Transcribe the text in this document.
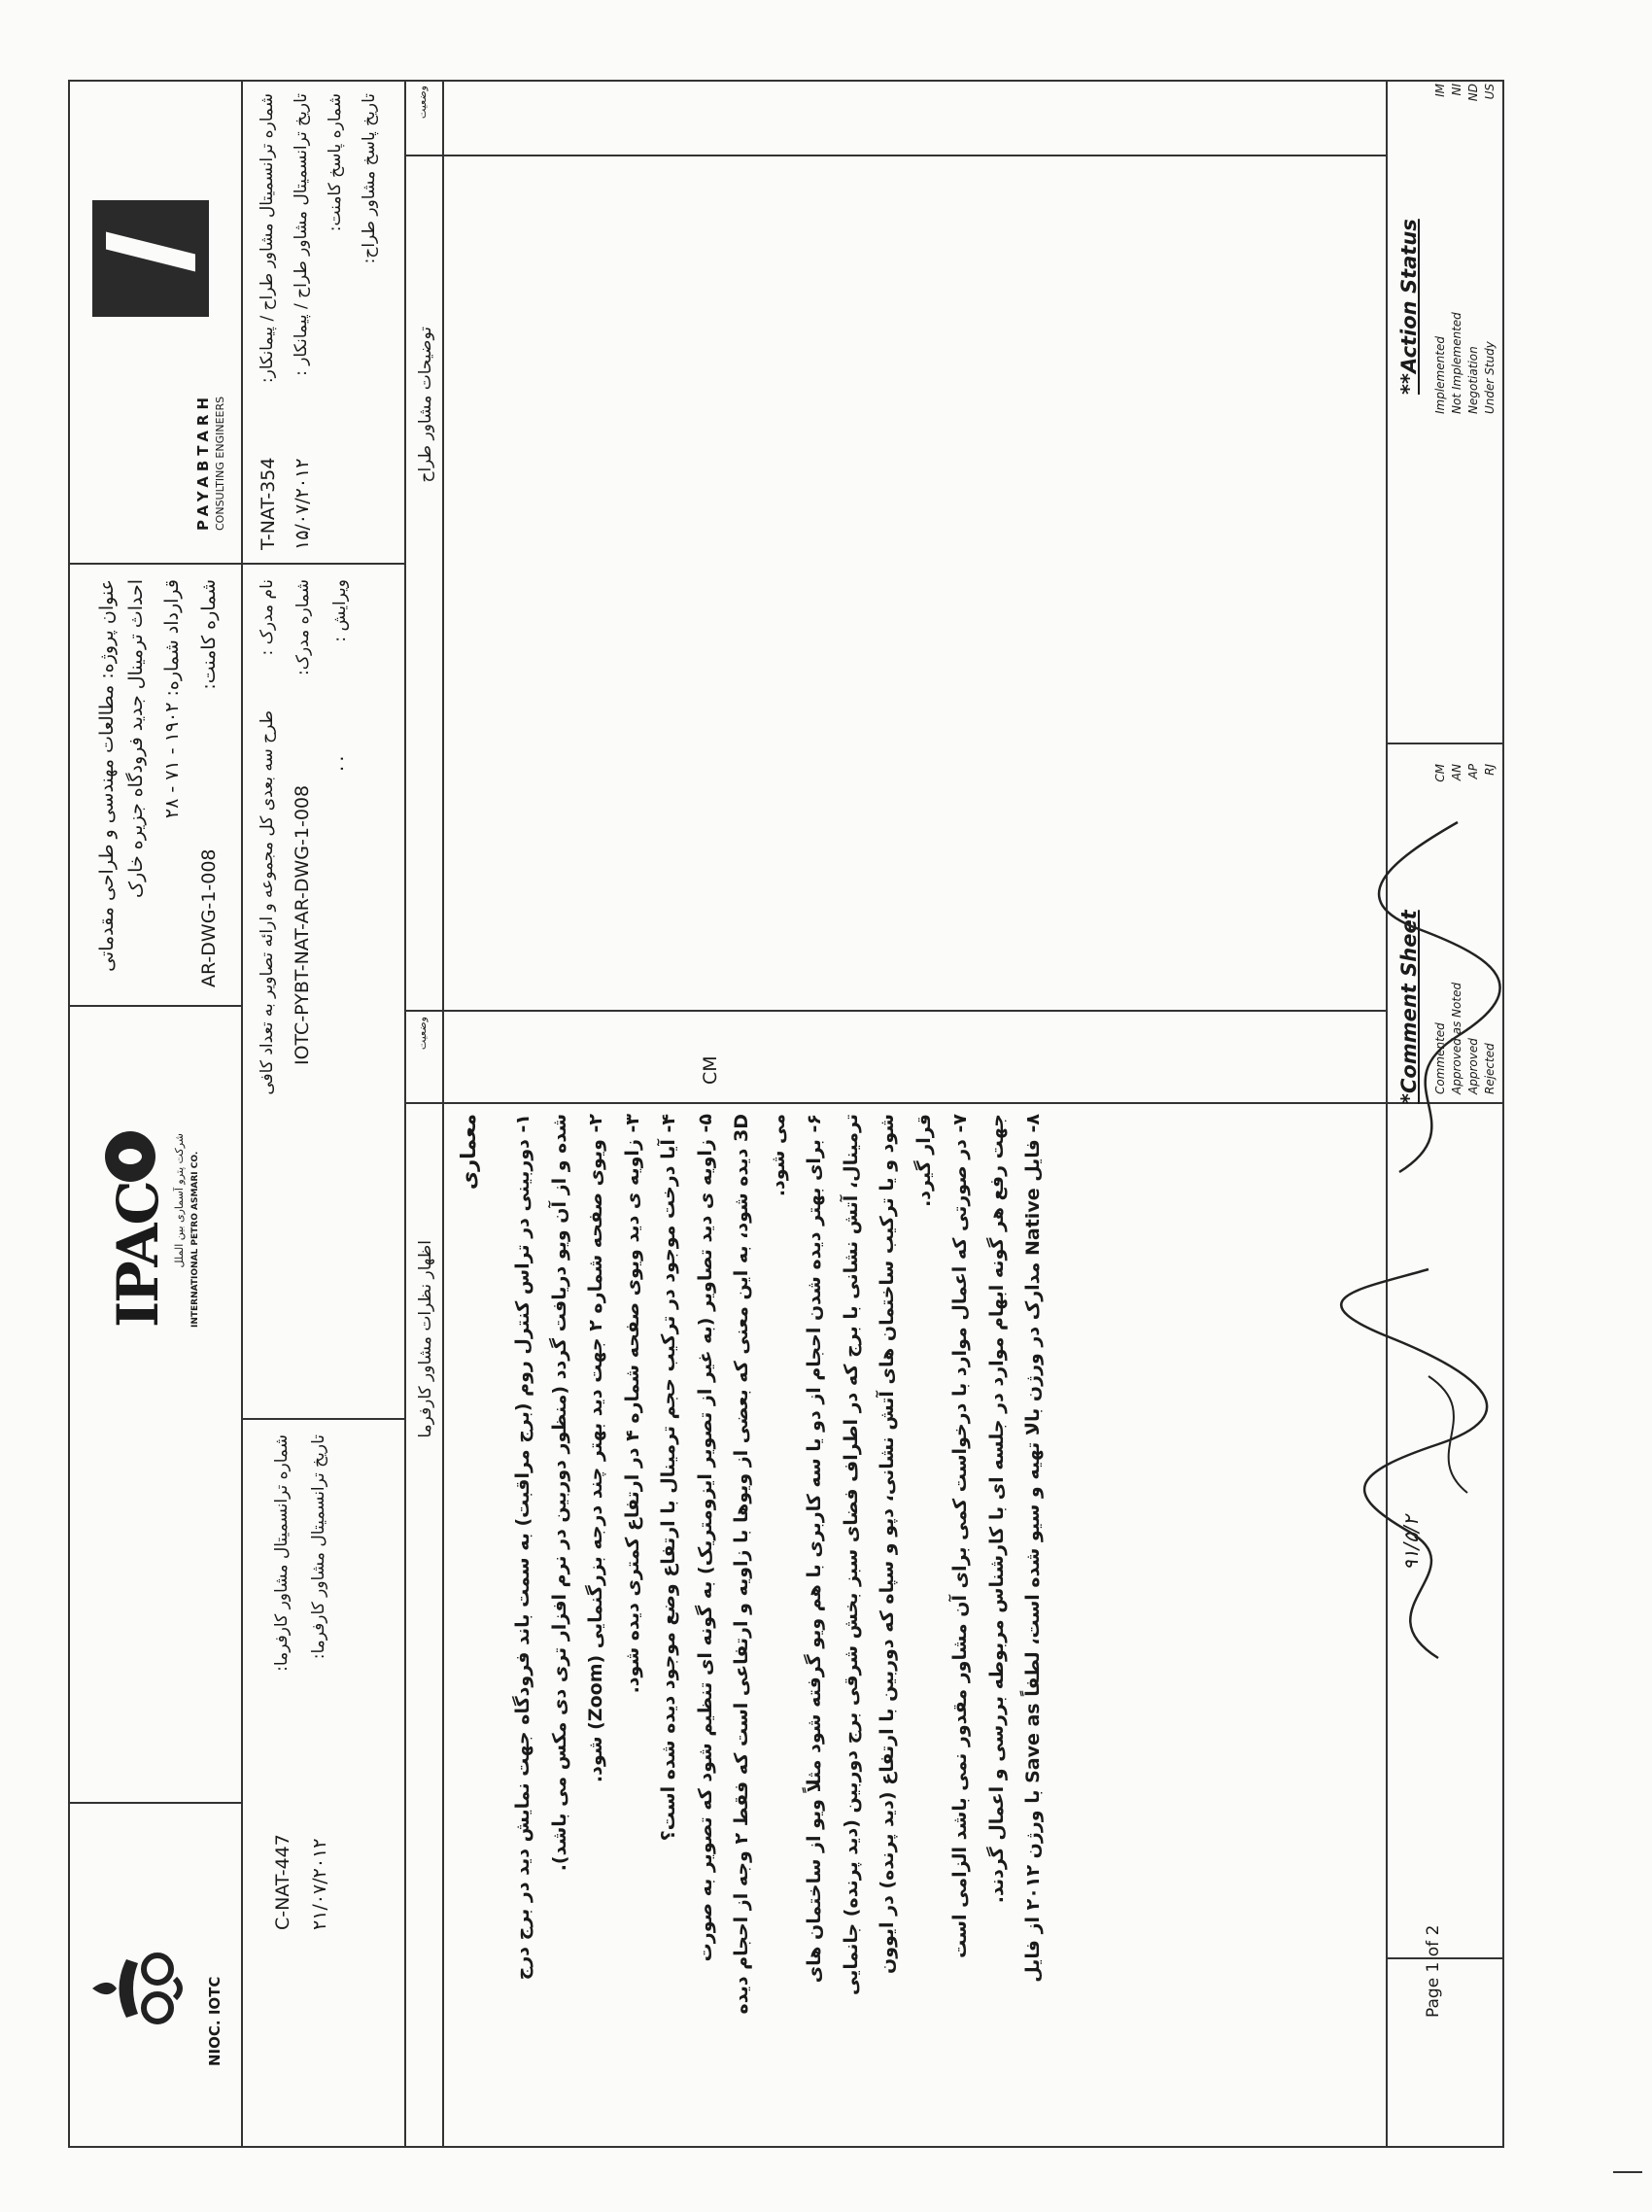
PAYABTARH CONSULTING ENGINEERS
عنوان پروژه: مطالعات مهندسی و طراحی مقدماتی احداث ترمینال جدید فرودگاه جزیره خارک قرارداد شماره: ۱۹۰۲ - ۷۱ - ۲۸ شماره کامنت:
AR-DWG-1-008
IPAC شرکت پترو آسماری بین الملل INTERNATIONAL PETRO ASMARI CO.
NIOC. IOTC
شماره ترانسمیتال مشاور طراح / پیمانکار:
T-NAT-354
تاریخ ترانسمیتال مشاور طراح / پیمانکار :
۱۵/۰۷/۲۰۱۲
شماره پاسخ کامنت: تاریخ پاسخ مشاور طراح:
نام مدرک :
طرح سه بعدی کل مجموعه و ارائه تصاویر به تعداد کافی
شماره مدرک:
IOTC-PYBT-NAT-AR-DWG-1-008
ویرایش :
۰۰
شماره ترانسمیتال مشاور کارفرما:
C-NAT-447
تاریخ ترانسمیتال مشاور کارفرما:
۲۱/۰۷/۲۰۱۲
وضعیت
توضیحات مشاور طراح
وضعیت
اظهار نظرات مشاور کارفرما
CM
معماری	۱- دوربینی در تراس کنترل روم (برج مراقبت) به سمت باند فرودگاه جهت نمایش دید در برج درج شده و از آن ویو دریافت گردد (منظور دوربین در نرم افزار تری دی مکس می باشد). ۲- ویوی صفحه شماره ۲ جهت دید بهتر چند درجه بزرگنمایی (Zoom) شود.
۳- زاویه ی دید ویوی صفحه شماره ۴ در ارتفاع کمتری دیده شود.
۴- آیا درخت موجود در ترکیب حجم ترمینال با ارتفاع وضع موجود دیده شده است؟
۵- زاویه ی دید تصاویر (به غیر از تصویر ایزومتریک) به گونه ای تنظیم شود که تصویر به صورت
3D دیده شود، به این معنی که بعضی از ویوها با زاویه و ارتفاعی است که فقط ۲ وجه از احجام دیده می شود. ۶- برای بهتر دیده شدن احجام از دو یا سه کاربری با هم ویو گرفته شود مثلاً ویو از ساختمان های ترمینال، آتش نشانی با برج که در اطراف فضای سبز بخش شرقی برج دوربین (دید پرنده) جانمایی شود و یا ترکیب ساختمان های آتش نشانی، دپو و سپاه که دوربین با ارتفاع (دید پرنده) در ایوون قرار گیرد. ۷- در صورتی که اعمال موارد با درخواست کمی برای آن مشاور مقدور نمی باشد الزامی است جهت رفع هر گونه ابهام موارد در جلسه ای با کارشناس مربوطه بررسی و اعمال گردند.
۸- فایل Native مدارک در ورژن بالا تهیه و سیو شده است، لطفاً Save as با ورژن ۲۰۱۲ از فایل
**Action Status
*Comment Sheet
Implemented
IM
Not Implemented
NI
Negotiation
ND
Under Study
US
Commented
CM
Approved as Noted
AN
Approved
AP
Rejected
RJ
Page 1 of 2
۹۱/۵/۲
